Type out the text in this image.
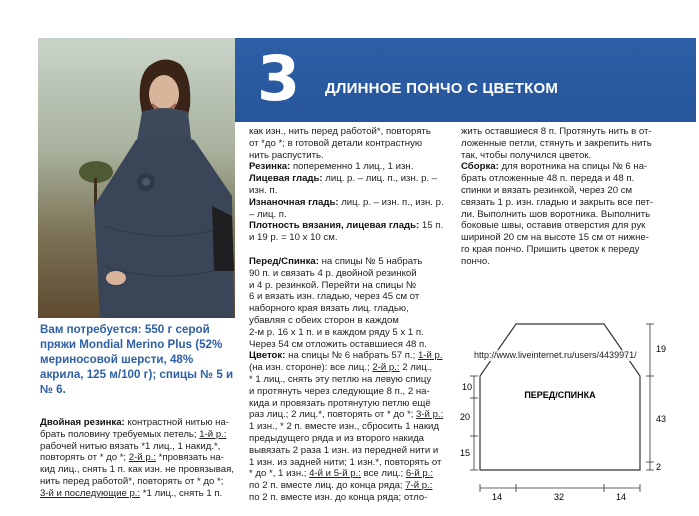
3 ДЛИННОЕ ПОНЧО С ЦВЕТКОМ
Вам потребуется: 550 г серой пряжи Mondial Merino Plus (52% мериносовой шерсти, 48% акрила, 125 м/100 г); спицы № 5 и № 6.
Двойная резинка: контрастной нитью на-
брать половину требуемых петель; 1-й р.:
рабочей нитью вязать *1 лиц., 1 накид.*,
повторять от * до *; 2-й р.: *провязать на-
кид лиц., снять 1 п. как изн. не провязывая,
нить перед работой*, повторять от * до *;
3-й и последующие р.: *1 лиц., снять 1 п.
как изн., нить перед работой*, повторять
от *до *; в готовой детали контрастную
нить распустить.
Резинка: попеременно 1 лиц., 1 изн.
Лицевая гладь: лиц. р. – лиц. п., изн. р. –
изн. п.
Изнаночная гладь: лиц. р. – изн. п., изн. р.
– лиц. п.
Плотность вязания, лицевая гладь: 15 п.
и 19 р. = 10 х 10 см.
Перед/Спинка: на спицы № 5 набрать
90 п. и связать 4 р. двойной резинкой
и 4 р. резинкой. Перейти на спицы №
6 и вязать изн. гладью, через 45 см от
наборного края вязать лиц. гладью,
убавляя с обеих сторон в каждом
2-м р. 16 х 1 п. и в каждом ряду 5 х 1 п.
Через 54 см отложить оставшиеся 48 п.
Цветок: на спицы № 6 набрать 57 п.; 1-й р.
(на изн. стороне): все лиц.; 2-й р.: 2 лиц.,
* 1 лиц., снять эту петлю на левую спицу
и протянуть через следующие 8 п., 2 на-
кида и провязать протянутую петлю ещё
раз лиц.; 2 лиц.*, повторять от * до *; 3-й р.:
1 изн., * 2 п. вместе изн., сбросить 1 накид
предыдущего ряда и из второго накида
вывязать 2 раза 1 изн. из передней нити и
1 изн. из задней нити; 1 изн.*, повторять от
* до *, 1 изн.; 4-й и 5-й р.: все лиц.; 6-й р.:
по 2 п. вместе лиц. до конца ряда; 7-й р.:
по 2 п. вместе изн. до конца ряда; отло-
жить оставшиеся 8 п. Протянуть нить в от-
ложенные петли, стянуть и закрепить нить
так, чтобы получился цветок.
Сборка: для воротника на спицы № 6 на-
брать отложенные 48 п. переда и 48 п.
спинки и вязать резинкой, через 20 см
связать 1 р. изн. гладью и закрыть все пет-
ли. Выполнить шов воротника. Выполнить
боковые швы, оставив отверстия для рук
шириной 20 см на высоте 15 см от нижне-
го края пончо. Пришить цветок к переду
пончо.
ПЕРЕД/СПИНКА
10
20
15
19
43
2
14	32	14
http://www.liveinternet.ru/users/4439971/
